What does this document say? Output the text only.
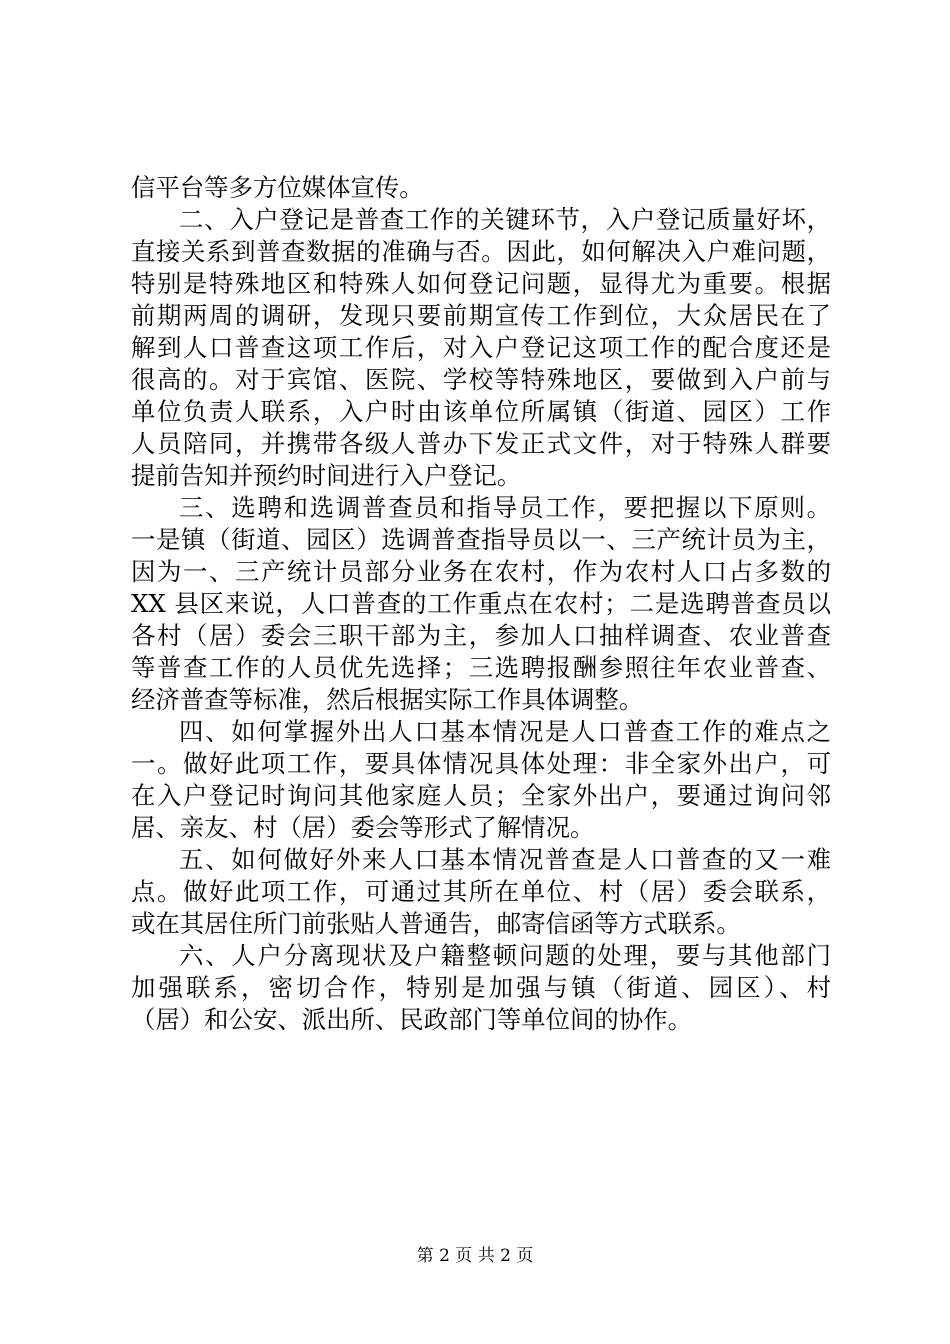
信平台等多方位媒体宣传。
二、入户登记是普查工作的关键环节，入户登记质量好坏，
直接关系到普查数据的准确与否。因此，如何解决入户难问题，
特别是特殊地区和特殊人如何登记问题，显得尤为重要。根据
前期两周的调研，发现只要前期宣传工作到位，大众居民在了
解到人口普查这项工作后，对入户登记这项工作的配合度还是
很高的。对于宾馆、医院、学校等特殊地区，要做到入户前与
单位负责人联系，入户时由该单位所属镇（街道、园区）工作
人员陪同，并携带各级人普办下发正式文件，对于特殊人群要
提前告知并预约时间进行入户登记。
三、选聘和选调普查员和指导员工作，要把握以下原则。
一是镇（街道、园区）选调普查指导员以一、三产统计员为主，
因为一、三产统计员部分业务在农村，作为农村人口占多数的
XX 县区来说，人口普查的工作重点在农村；二是选聘普查员以
各村（居）委会三职干部为主，参加人口抽样调查、农业普查
等普查工作的人员优先选择；三选聘报酬参照往年农业普查、
经济普查等标准，然后根据实际工作具体调整。
四、如何掌握外出人口基本情况是人口普查工作的难点之
一。做好此项工作，要具体情况具体处理：非全家外出户，可
在入户登记时询问其他家庭人员；全家外出户，要通过询问邻
居、亲友、村（居）委会等形式了解情况。
五、如何做好外来人口基本情况普查是人口普查的又一难
点。做好此项工作，可通过其所在单位、村（居）委会联系，
或在其居住所门前张贴人普通告，邮寄信函等方式联系。
六、人户分离现状及户籍整顿问题的处理，要与其他部门
加强联系，密切合作，特别是加强与镇（街道、园区）、村
（居）和公安、派出所、民政部门等单位间的协作。
第 2 页 共 2 页
